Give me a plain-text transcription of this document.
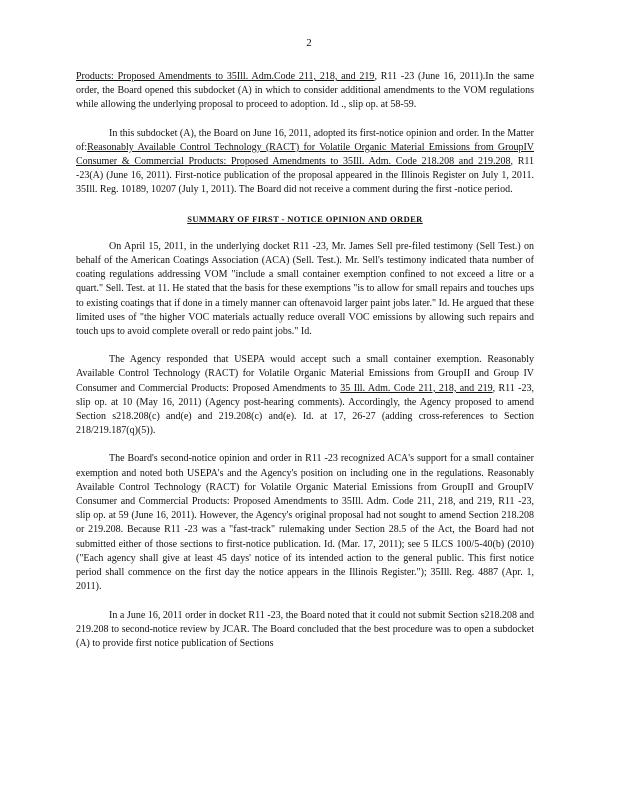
2

Products: Proposed Amendments to 35Ill. Adm.Code 211, 218, and 219, R11 -23 (June 16, 2011).In the same order, the Board opened this subdocket (A) in which to consider additional amendments to the VOM regulations while allowing the underlying proposal to proceed to adoption. Id ., slip op. at 58-59.

In this subdocket (A), the Board on June 16, 2011, adopted its first-notice opinion and order. In the Matter of:Reasonably Available Control Technology (RACT) for Volatile Organic Material Emissions from GroupIV Consumer & Commercial Products: Proposed Amendments to 35Ill. Adm. Code 218.208 and 219.208, R11 -23(A) (June 16, 2011). First-notice publication of the proposal appeared in the Illinois Register on July 1, 2011. 35Ill. Reg. 10189, 10207 (July 1, 2011). The Board did not receive a comment during the first -notice period.

SUMMARY OF FIRST - NOTICE OPINION AND ORDER

On April 15, 2011, in the underlying docket R11 -23, Mr. James Sell pre-filed testimony (Sell Test.) on behalf of the American Coatings Association (ACA) (Sell. Test.). Mr. Sell's testimony indicated thata number of coating regulations addressing VOM "include a small container exemption confined to not exceed a litre or a quart." Sell. Test. at 11. He stated that the basis for these exemptions "is to allow for small repairs and touches ups to existing coatings that if done in a timely manner can oftenavoid larger paint jobs later." Id. He argued that these limited uses of "the higher VOC materials actually reduce overall VOC emissions by allowing such repairs and touch ups to avoid complete overall or redo paint jobs." Id.

The Agency responded that USEPA would accept such a small container exemption. Reasonably Available Control Technology (RACT) for Volatile Organic Material Emissions from GroupII and Group IV Consumer and Commercial Products: Proposed Amendments to 35 Ill. Adm. Code 211, 218, and 219, R11 -23, slip op. at 10 (May 16, 2011) (Agency post-hearing comments). Accordingly, the Agency proposed to amend Section s218.208(c) and(e) and 219.208(c) and(e). Id. at 17, 26-27 (adding cross-references to Section 218/219.187(q)(5)).

The Board's second-notice opinion and order in R11 -23 recognized ACA's support for a small container exemption and noted both USEPA's and the Agency's position on including one in the regulations. Reasonably Available Control Technology (RACT) for Volatile Organic Material Emissions from GroupII and GroupIV Consumer and Commercial Products: Proposed Amendments to 35Ill. Adm. Code 211, 218, and 219, R11 -23, slip op. at 59 (June 16, 2011). However, the Agency's original proposal had not sought to amend Section 218.208 or 219.208. Because R11 -23 was a "fast-track" rulemaking under Section 28.5 of the Act, the Board had not submitted either of those sections to first-notice publication. Id. (Mar. 17, 2011); see 5 ILCS 100/5-40(b) (2010) ("Each agency shall give at least 45 days' notice of its intended action to the general public. This first notice period shall commence on the first day the notice appears in the Illinois Register."); 35Ill. Reg. 4887 (Apr. 1, 2011).

In a June 16, 2011 order in docket R11 -23, the Board noted that it could not submit Section s218.208 and 219.208 to second-notice review by JCAR. The Board concluded that the best procedure was to open a subdocket (A) to provide first notice publication of Sections
